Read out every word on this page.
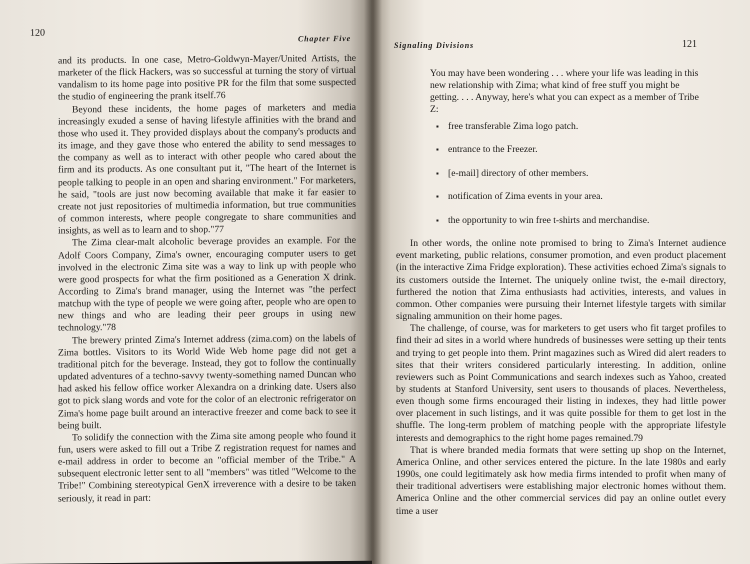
120	Chapter Five

and its products. In one case, Metro-Goldwyn-Mayer/United Artists, the marketer of the flick Hackers, was so successful at turning the story of virtual vandalism to its home page into positive PR for the film that some suspected the studio of engineering the prank itself.76

Beyond these incidents, the home pages of marketers and media increasingly exuded a sense of having lifestyle affinities with the brand and those who used it. They provided displays about the company's products and its image, and they gave those who entered the ability to send messages to the company as well as to interact with other people who cared about the firm and its products. As one consultant put it, "The heart of the Internet is people talking to people in an open and sharing environment." For marketers, he said, "tools are just now becoming available that make it far easier to create not just repositories of multimedia information, but true communities of common interests, where people congregate to share communities and insights, as well as to learn and to shop."77

The Zima clear-malt alcoholic beverage provides an example. For the Adolf Coors Company, Zima's owner, encouraging computer users to get involved in the electronic Zima site was a way to link up with people who were good prospects for what the firm positioned as a Generation X drink. According to Zima's brand manager, using the Internet was "the perfect matchup with the type of people we were going after, people who are open to new things and who are leading their peer groups in using new technology."78

The brewery printed Zima's Internet address (zima.com) on the labels of Zima bottles. Visitors to its World Wide Web home page did not get a traditional pitch for the beverage. Instead, they got to follow the continually updated adventures of a techno-savvy twenty-something named Duncan who had asked his fellow office worker Alexandra on a drinking date. Users also got to pick slang words and vote for the color of an electronic refrigerator on Zima's home page built around an interactive freezer and come back to see it being built.

To solidify the connection with the Zima site among people who found it fun, users were asked to fill out a Tribe Z registration request for names and e-mail address in order to become an "official member of the Tribe." A subsequent electronic letter sent to all "members" was titled "Welcome to the Tribe!" Combining stereotypical GenX irreverence with a desire to be taken seriously, it read in part:

Signaling Divisions	121
You may have been wondering . . . where your life was leading in this new relationship with Zima; what kind of free stuff you might be getting. . . . Anyway, here's what you can expect as a member of Tribe Z:
▪ free transferable Zima logo patch.
▪ entrance to the Freezer.
▪ [e-mail] directory of other members.
▪ notification of Zima events in your area.
▪ the opportunity to win free t-shirts and merchandise.

In other words, the online note promised to bring to Zima's Internet audience event marketing, public relations, consumer promotion, and even product placement (in the interactive Zima Fridge exploration). These activities echoed Zima's signals to its customers outside the Internet. The uniquely online twist, the e-mail directory, furthered the notion that Zima enthusiasts had activities, interests, and values in common. Other companies were pursuing their Internet lifestyle targets with similar signaling ammunition on their home pages.

The challenge, of course, was for marketers to get users who fit target profiles to find their ad sites in a world where hundreds of businesses were setting up their tents and trying to get people into them. Print magazines such as Wired did alert readers to sites that their writers considered particularly interesting. In addition, online reviewers such as Point Communications and search indexes such as Yahoo, created by students at Stanford University, sent users to thousands of places. Nevertheless, even though some firms encouraged their listing in indexes, they had little power over placement in such listings, and it was quite possible for them to get lost in the shuffle. The long-term problem of matching people with the appropriate lifestyle interests and demographics to the right home pages remained.79

That is where branded media formats that were setting up shop on the Internet, America Online, and other services entered the picture. In the late 1980s and early 1990s, one could legitimately ask how media firms intended to profit when many of their traditional advertisers were establishing major electronic homes without them. America Online and the other commercial services did pay an online outlet every time a user
